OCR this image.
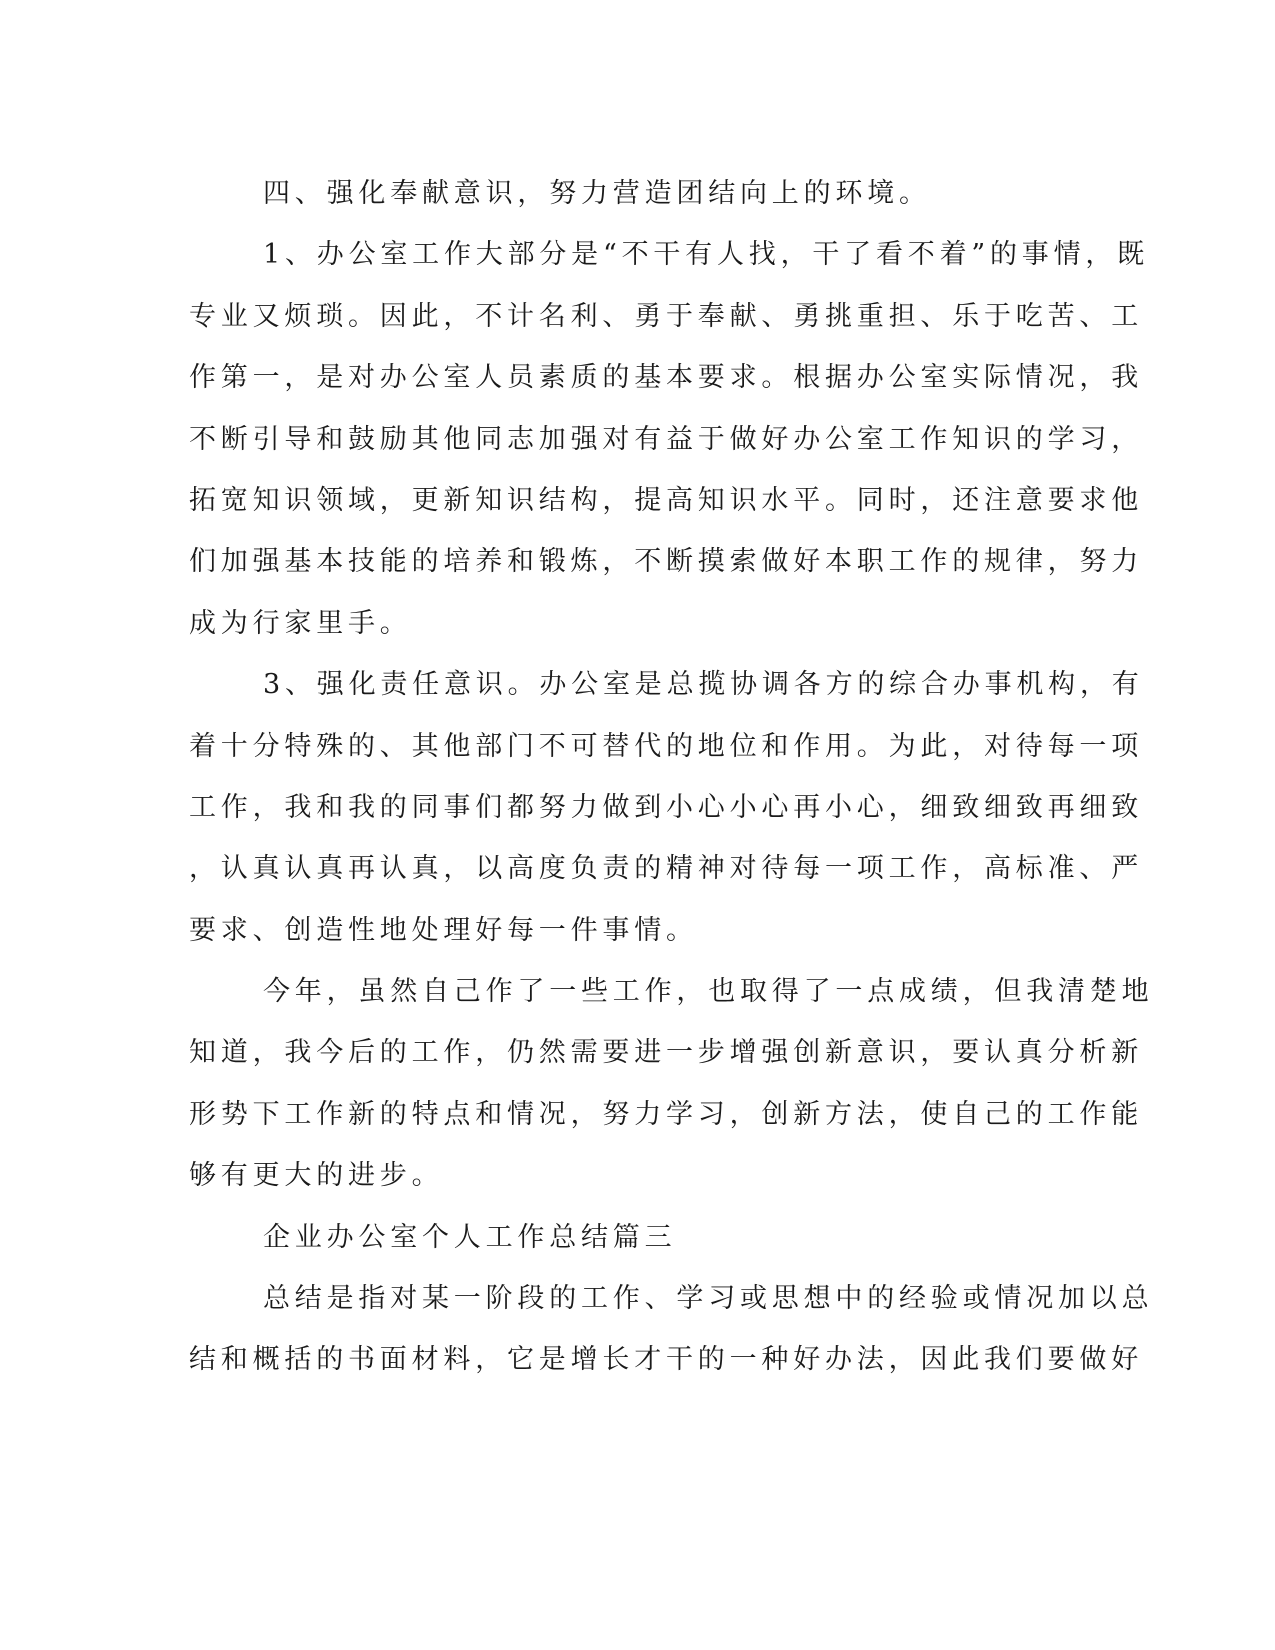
四、强化奉献意识，努力营造团结向上的环境。
1、办公室工作大部分是“不干有人找，干了看不着”的事情，既
专业又烦琐。因此，不计名利、勇于奉献、勇挑重担、乐于吃苦、工
作第一，是对办公室人员素质的基本要求。根据办公室实际情况，我
不断引导和鼓励其他同志加强对有益于做好办公室工作知识的学习，
拓宽知识领域，更新知识结构，提高知识水平。同时，还注意要求他
们加强基本技能的培养和锻炼，不断摸索做好本职工作的规律，努力
成为行家里手。
3、强化责任意识。办公室是总揽协调各方的综合办事机构，有
着十分特殊的、其他部门不可替代的地位和作用。为此，对待每一项
工作，我和我的同事们都努力做到小心小心再小心，细致细致再细致
，认真认真再认真，以高度负责的精神对待每一项工作，高标准、严
要求、创造性地处理好每一件事情。
今年，虽然自己作了一些工作，也取得了一点成绩，但我清楚地
知道，我今后的工作，仍然需要进一步增强创新意识，要认真分析新
形势下工作新的特点和情况，努力学习，创新方法，使自己的工作能
够有更大的进步。
企业办公室个人工作总结篇三
总结是指对某一阶段的工作、学习或思想中的经验或情况加以总
结和概括的书面材料，它是增长才干的一种好办法，因此我们要做好
